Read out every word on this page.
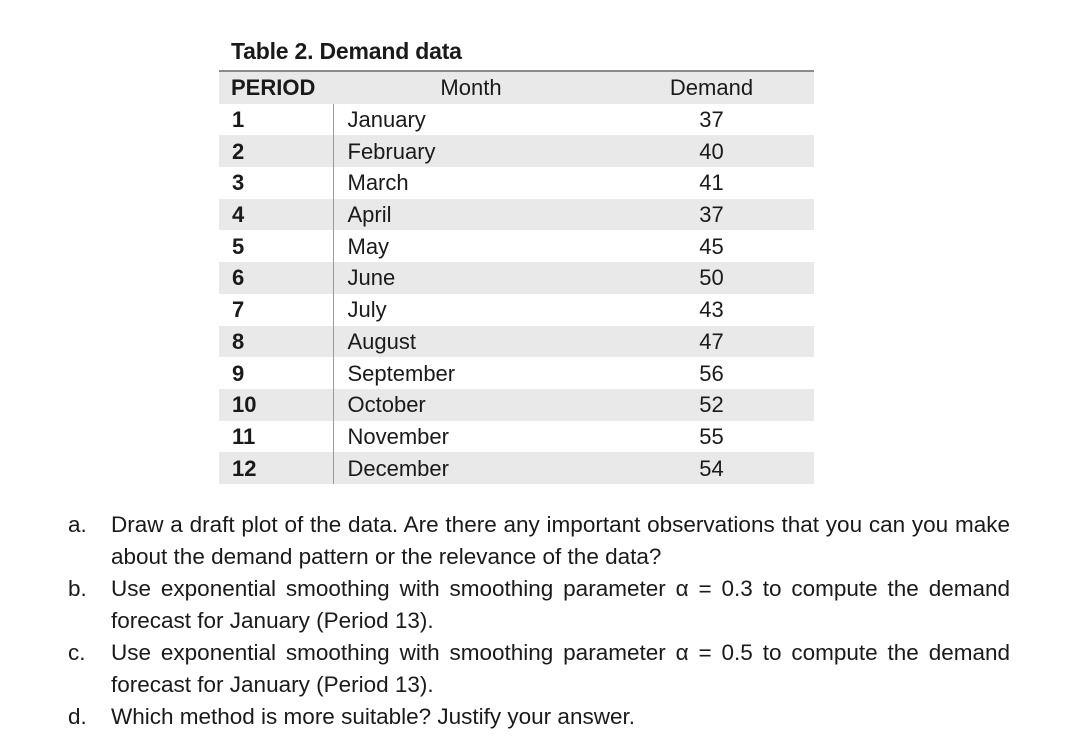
Table 2. Demand data
PERIOD	Month	Demand
1	January	37
2	February	40
3	March	41
4	April	37
5	May	45
6	June	50
7	July	43
8	August	47
9	September	56
10	October	52
11	November	55
12	December	54
a. Draw a draft plot of the data. Are there any important observations that you can you make about the demand pattern or the relevance of the data?
b. Use exponential smoothing with smoothing parameter α = 0.3 to compute the demand forecast for January (Period 13).
c. Use exponential smoothing with smoothing parameter α = 0.5 to compute the demand forecast for January (Period 13).
d. Which method is more suitable? Justify your answer.
